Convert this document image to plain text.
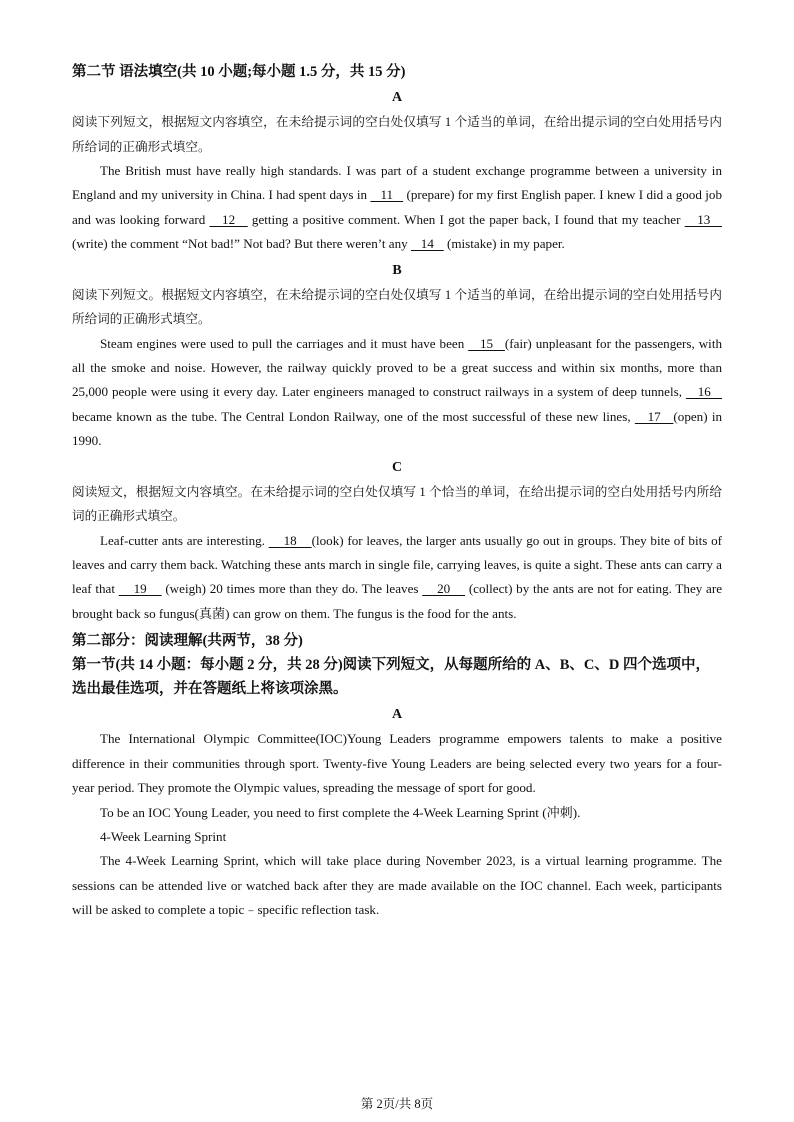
第二节 语法填空(共 10 小题;每小题 1.5 分，共 15 分)
A
阅读下列短文，根据短文内容填空，在未给提示词的空白处仅填写 1 个适当的单词，在给出提示词的空白处用括号内所给词的正确形式填空。
The British must have really high standards. I was part of a student exchange programme between a university in England and my university in China. I had spent days in    11    (prepare) for my first English paper. I knew I did a good job and was looking forward    12    getting a positive comment. When I got the paper back, I found that my teacher    13    (write) the comment “Not bad!” Not bad? But there weren’t any    14    (mistake) in my paper.
B
阅读下列短文。根据短文内容填空，在未给提示词的空白处仅填写 1 个适当的单词，在给出提示词的空白处用括号内所给词的正确形式填空。
Steam engines were used to pull the carriages and it must have been    15   (fair) unpleasant for the passengers, with all the smoke and noise. However, the railway quickly proved to be a great success and within six months, more than 25,000 people were using it every day. Later engineers managed to construct railways in a system of deep tunnels,    16    became known as the tube. The Central London Railway, one of the most successful of these new lines,    17   (open) in 1990.
C
阅读短文，根据短文内容填空。在未给提示词的空白处仅填写 1 个恰当的单词，在给出提示词的空白处用括号内所给词的正确形式填空。
Leaf-cutter ants are interesting.     18    (look) for leaves, the larger ants usually go out in groups. They bite of bits of leaves and carry them back. Watching these ants march in single file, carrying leaves, is quite a sight. These ants can carry a leaf that     19     (weigh) 20 times more than they do. The leaves     20     (collect) by the ants are not for eating. They are brought back so fungus(真菌) can grow on them. The fungus is the food for the ants.
第二部分：阅读理解(共两节，38 分)
第一节(共 14 小题：每小题 2 分，共 28 分)阅读下列短文，从每题所给的 A、B、C、D 四个选项中，选出最佳选项，并在答题纸上将该项涂黑。
A
The International Olympic Committee(IOC)Young Leaders programme empowers talents to make a positive difference in their communities through sport. Twenty-five Young Leaders are being selected every two years for a four-year period. They promote the Olympic values, spreading the message of sport for good.
To be an IOC Young Leader, you need to first complete the 4-Week Learning Sprint (冲刺).
4-Week Learning Sprint
The 4-Week Learning Sprint, which will take place during November 2023, is a virtual learning programme. The sessions can be attended live or watched back after they are made available on the IOC channel. Each week, participants will be asked to complete a topic﹣specific reflection task.
第 2页/共 8页
